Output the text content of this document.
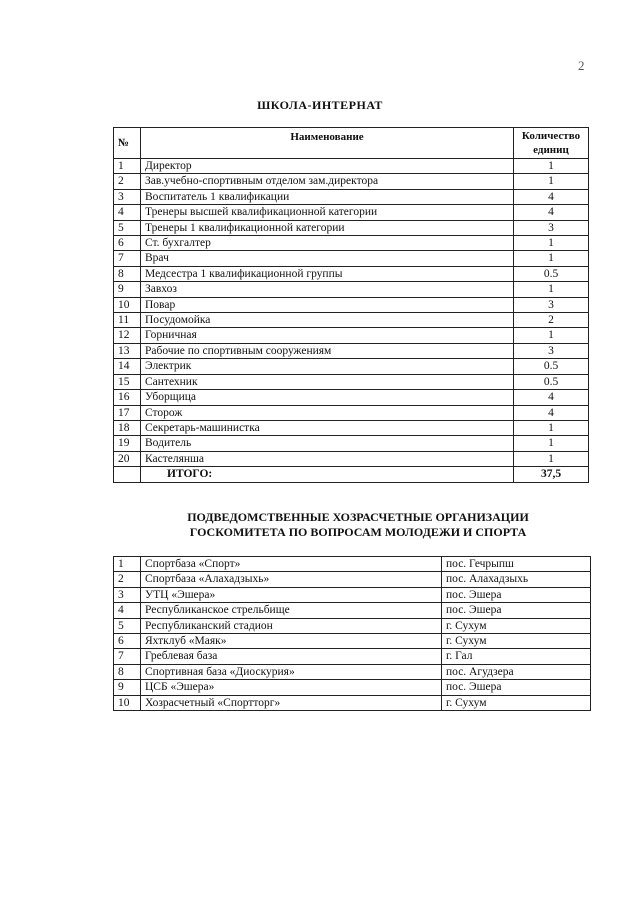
2
ШКОЛА-ИНТЕРНАТ
№	Наименование	Количество единиц
1	Директор	1
2	Зав.учебно-спортивным отделом зам.директора	1
3	Воспитатель 1 квалификации	4
4	Тренеры высшей квалификационной категории	4
5	Тренеры 1 квалификационной категории	3
6	Ст. бухгалтер	1
7	Врач	1
8	Медсестра 1 квалификационной группы	0.5
9	Завхоз	1
10	Повар	3
11	Посудомойка	2
12	Горничная	1
13	Рабочие по спортивным сооружениям	3
14	Электрик	0.5
15	Сантехник	0.5
16	Уборщица	4
17	Сторож	4
18	Секретарь-машинистка	1
19	Водитель	1
20	Кастелянша	1
	ИТОГО:	37,5
ПОДВЕДОМСТВЕННЫЕ ХОЗРАСЧЕТНЫЕ ОРГАНИЗАЦИИ
ГОСКОМИТЕТА ПО ВОПРОСАМ МОЛОДЕЖИ И СПОРТА
1	Спортбаза «Спорт»	пос. Гечрыпш
2	Спортбаза «Алахадзыхь»	пос. Алахадзыхь
3	УТЦ «Эшера»	пос. Эшера
4	Республиканское стрельбище	пос. Эшера
5	Республиканский стадион	г. Сухум
6	Яхтклуб «Маяк»	г. Сухум
7	Греблевая база	г. Гал
8	Спортивная база «Диоскурия»	пос. Агудзера
9	ЦСБ «Эшера»	пос. Эшера
10	Хозрасчетный «Спортторг»	г. Сухум
